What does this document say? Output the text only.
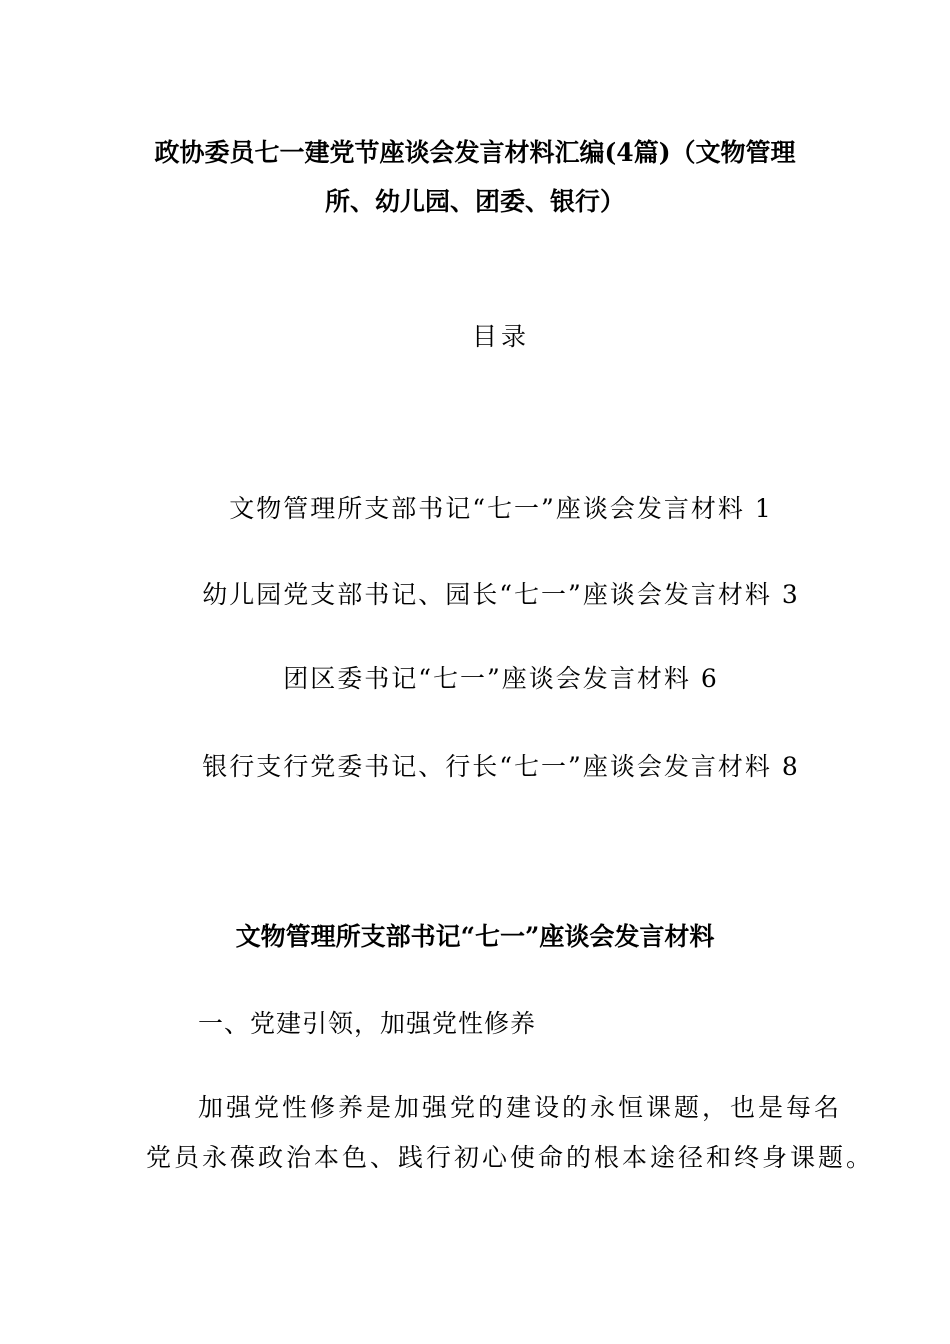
政协委员七一建党节座谈会发言材料汇编(4篇)（文物管理
所、幼儿园、团委、银行）
目录
文物管理所支部书记“七一”座谈会发言材料 1
幼儿园党支部书记、园长“七一”座谈会发言材料 3
团区委书记“七一”座谈会发言材料 6
银行支行党委书记、行长“七一”座谈会发言材料 8
文物管理所支部书记“七一”座谈会发言材料
一、党建引领，加强党性修养
加强党性修养是加强党的建设的永恒课题，也是每名
党员永葆政治本色、践行初心使命的根本途径和终身课题。
